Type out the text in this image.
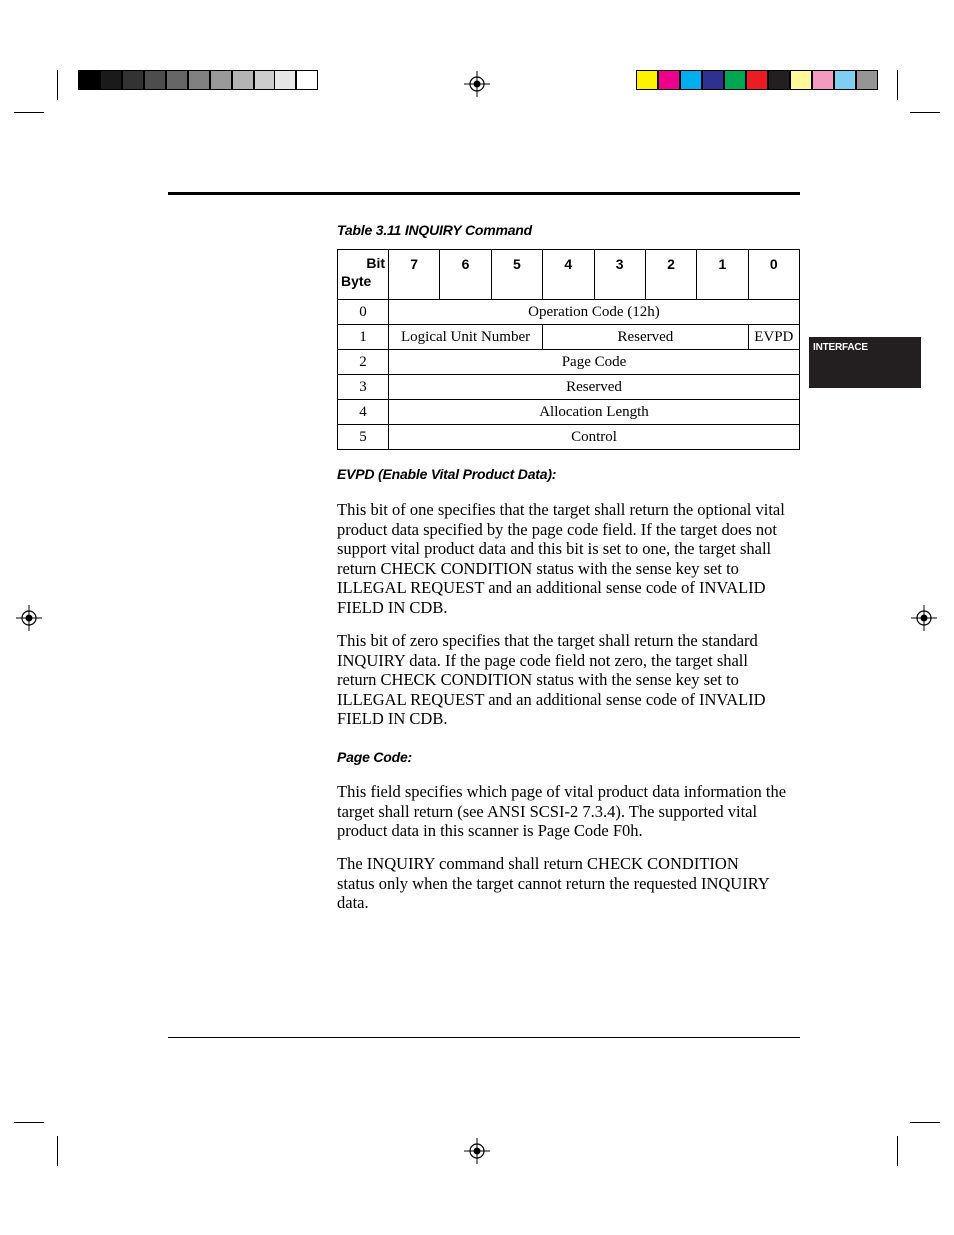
INTERFACE
Table 3.11 INQUIRY Command
Bit
Byte	7	6	5	4	3	2	1	0
0	Operation Code (12h)							
1	Logical Unit Number			Reserved				EVPD
2	Page Code							
3	Reserved							
4	Allocation Length							
5	Control							
EVPD (Enable Vital Product Data):

This bit of one specifies that the target shall return the optional vital
product data specified by the page code field. If the target does not
support vital product data and this bit is set to one, the target shall
return CHECK CONDITION status with the sense key set to
ILLEGAL REQUEST and an additional sense code of INVALID
FIELD IN CDB.

This bit of zero specifies that the target shall return the standard
INQUIRY data. If the page code field not zero, the target shall
return CHECK CONDITION status with the sense key set to
ILLEGAL REQUEST and an additional sense code of INVALID
FIELD IN CDB.

Page Code:

This field specifies which page of vital product data information the
target shall return (see ANSI SCSI-2 7.3.4). The supported vital
product data in this scanner is Page Code F0h.

The INQUIRY command shall return CHECK CONDITION
status only when the target cannot return the requested INQUIRY
data.
